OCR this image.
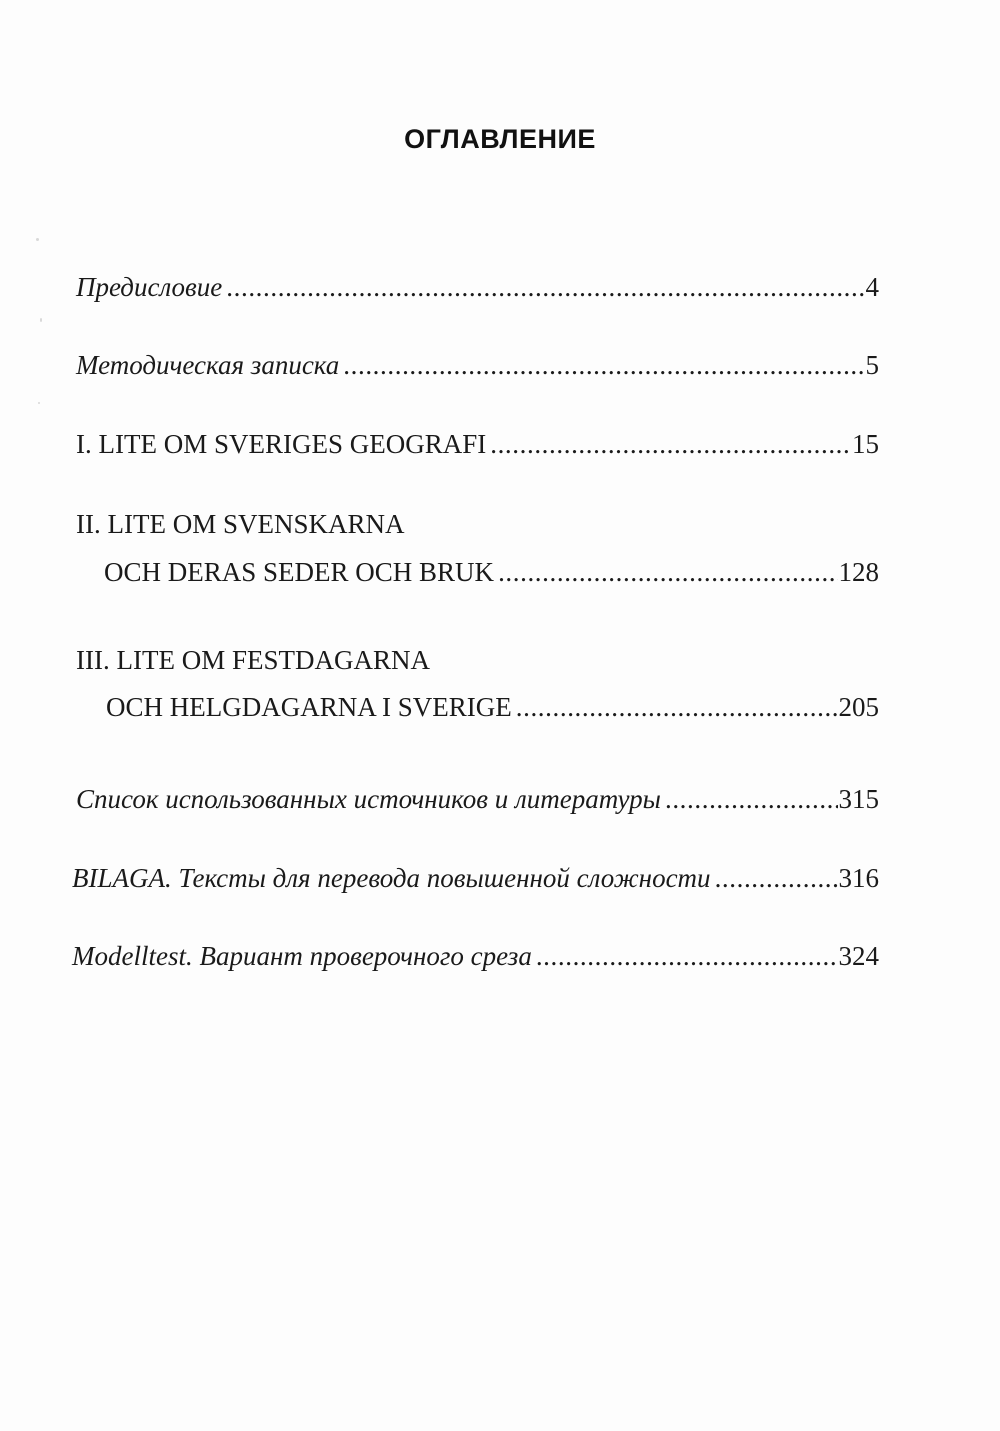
ОГЛАВЛЕНИЕ
Предисловие .....	4
Методическая записка .....	5
I. LITE OM SVERIGES GEOGRAFI .....	15
II. LITE OM SVENSKARNA
OCH DERAS SEDER OCH BRUK .....	128
III. LITE OM FESTDAGARNA
OCH HELGDAGARNA I SVERIGE .....	205
Список использованных источников и литературы .....	315
BILAGA. Тексты для перевода повышенной сложности .....	316
Modelltest. Вариант проверочного среза .....	324
